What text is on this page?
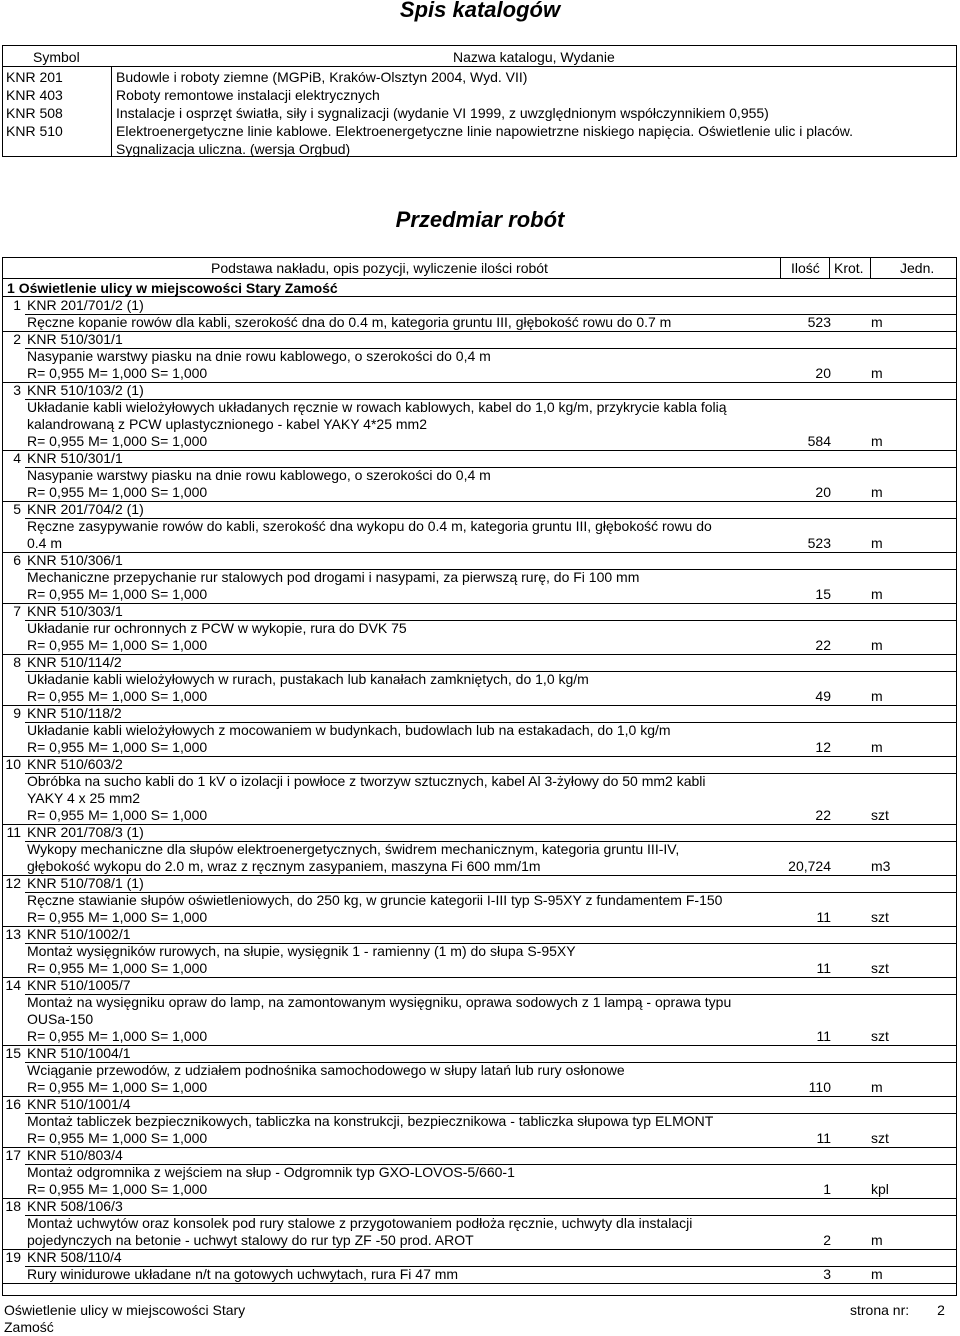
Spis katalogów
Symbol	Nazwa katalogu, Wydanie
KNR 201	Budowle i roboty ziemne (MGPiB, Kraków-Olsztyn 2004, Wyd. VII)
KNR 403	Roboty remontowe instalacji elektrycznych
KNR 508	Instalacje i osprzęt światła, siły i sygnalizacji (wydanie VI 1999, z uwzględnionym współczynnikiem 0,955)
KNR 510	Elektroenergetyczne linie kablowe. Elektroenergetyczne linie napowietrzne niskiego napięcia. Oświetlenie ulic i placów.
Sygnalizacja uliczna. (wersja Orgbud)
Przedmiar robót
Podstawa nakładu, opis pozycji, wyliczenie ilości robót	Ilość Krot.	Jedn.
1 Oświetlenie ulicy w miejscowości Stary Zamość
1 KNR 201/701/2 (1)
Ręczne kopanie rowów dla kabli, szerokość dna do 0.4 m, kategoria gruntu III, głębokość rowu do 0.7 m	523	m
2 KNR 510/301/1
Nasypanie warstwy piasku na dnie rowu kablowego, o szerokości do 0,4 m
R= 0,955 M= 1,000 S= 1,000	20	m
3 KNR 510/103/2 (1)
Układanie kabli wielożyłowych układanych ręcznie w rowach kablowych, kabel do 1,0 kg/m, przykrycie kabla folią
kalandrowaną z PCW uplastycznionego - kabel YAKY 4*25 mm2
R= 0,955 M= 1,000 S= 1,000	584	m
4 KNR 510/301/1
Nasypanie warstwy piasku na dnie rowu kablowego, o szerokości do 0,4 m
R= 0,955 M= 1,000 S= 1,000	20	m
5 KNR 201/704/2 (1)
Ręczne zasypywanie rowów do kabli, szerokość dna wykopu do 0.4 m, kategoria gruntu III, głębokość rowu do
0.4 m	523	m
6 KNR 510/306/1
Mechaniczne przepychanie rur stalowych pod drogami i nasypami, za pierwszą rurę, do Fi 100 mm
R= 0,955 M= 1,000 S= 1,000	15	m
7 KNR 510/303/1
Układanie rur ochronnych z PCW w wykopie, rura do DVK 75
R= 0,955 M= 1,000 S= 1,000	22	m
8 KNR 510/114/2
Układanie kabli wielożyłowych w rurach, pustakach lub kanałach zamkniętych, do 1,0 kg/m
R= 0,955 M= 1,000 S= 1,000	49	m
9 KNR 510/118/2
Układanie kabli wielożyłowych z mocowaniem w budynkach, budowlach lub na estakadach, do 1,0 kg/m
R= 0,955 M= 1,000 S= 1,000	12	m
10 KNR 510/603/2
Obróbka na sucho kabli do 1 kV o izolacji i powłoce z tworzyw sztucznych, kabel Al 3-żyłowy do 50 mm2 kabli
YAKY 4 x 25 mm2
R= 0,955 M= 1,000 S= 1,000	22	szt
11 KNR 201/708/3 (1)
Wykopy mechaniczne dla słupów elektroenergetycznych, świdrem mechanicznym, kategoria gruntu III-IV,
głębokość wykopu do 2.0 m, wraz z ręcznym zasypaniem, maszyna Fi 600 mm/1m	20,724	m3
12 KNR 510/708/1 (1)
Ręczne stawianie słupów oświetleniowych, do 250 kg, w gruncie kategorii I-III typ S-95XY z fundamentem F-150
R= 0,955 M= 1,000 S= 1,000	11	szt
13 KNR 510/1002/1
Montaż wysięgników rurowych, na słupie, wysięgnik 1 - ramienny (1 m) do słupa S-95XY
R= 0,955 M= 1,000 S= 1,000	11	szt
14 KNR 510/1005/7
Montaż na wysięgniku opraw do lamp, na zamontowanym wysięgniku, oprawa sodowych z 1 lampą - oprawa typu
OUSa-150
R= 0,955 M= 1,000 S= 1,000	11	szt
15 KNR 510/1004/1
Wciąganie przewodów, z udziałem podnośnika samochodowego w słupy latań lub rury osłonowe
R= 0,955 M= 1,000 S= 1,000	110	m
16 KNR 510/1001/4
Montaż tabliczek bezpiecznikowych, tabliczka na konstrukcji, bezpiecznikowa - tabliczka słupowa typ ELMONT
R= 0,955 M= 1,000 S= 1,000	11	szt
17 KNR 510/803/4
Montaż odgromnika z wejściem na słup - Odgromnik typ GXO-LOVOS-5/660-1
R= 0,955 M= 1,000 S= 1,000	1	kpl
18 KNR 508/106/3
Montaż uchwytów oraz konsolek pod rury stalowe z przygotowaniem podłoża ręcznie, uchwyty dla instalacji
pojedynczych na betonie - uchwyt stalowy do rur typ ZF -50 prod. AROT	2	m
19 KNR 508/110/4
Rury winidurowe układane n/t na gotowych uchwytach, rura Fi 47 mm	3	m
Oświetlenie ulicy w miejscowości Stary
Zamość
strona nr: 2
